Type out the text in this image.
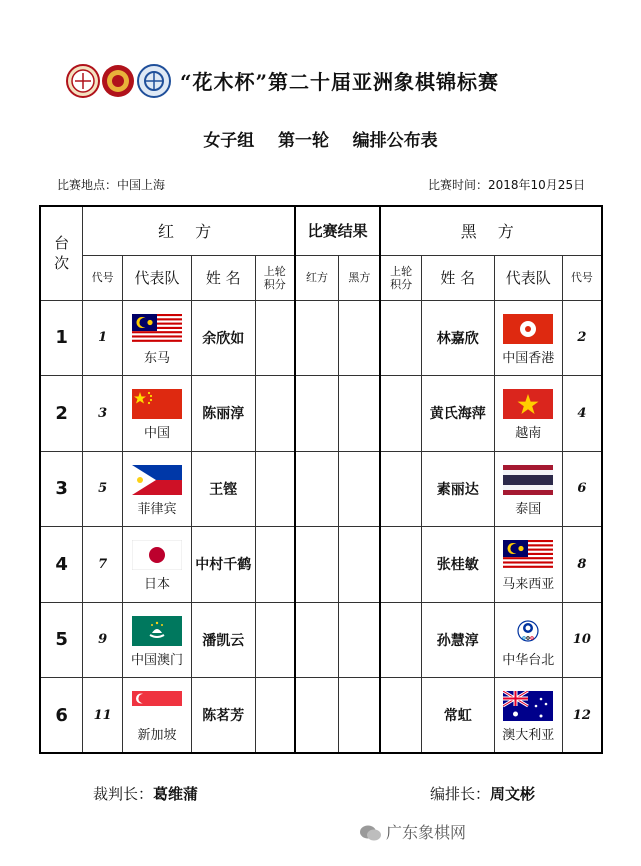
“花木杯”第二十届亚洲象棋锦标赛
女子组    第一轮    编排公布表
比赛地点：中国上海	比赛时间：2018年10月25日
台次	红 方				比赛结果		黑 方			
	代号	代表队	姓 名	上轮积分	红方	黑方	上轮积分	姓 名	代表队	代号
1	1	东马	余欣如					林嘉欣	中国香港	2
2	3	中国	陈丽淳					黄氏海萍	越南	4
3	5	菲律宾	王铿					素丽达	泰国	6
4	7	日本	中村千鹤					张桂敏	马来西亚	8
5	9	中国澳门	潘凯云					孙慧淳	中华台北	10
6	11	新加坡	陈茗芳					常虹	澳大利亚	12
裁判长：葛维蒲	编排长：周文彬
广东象棋网
